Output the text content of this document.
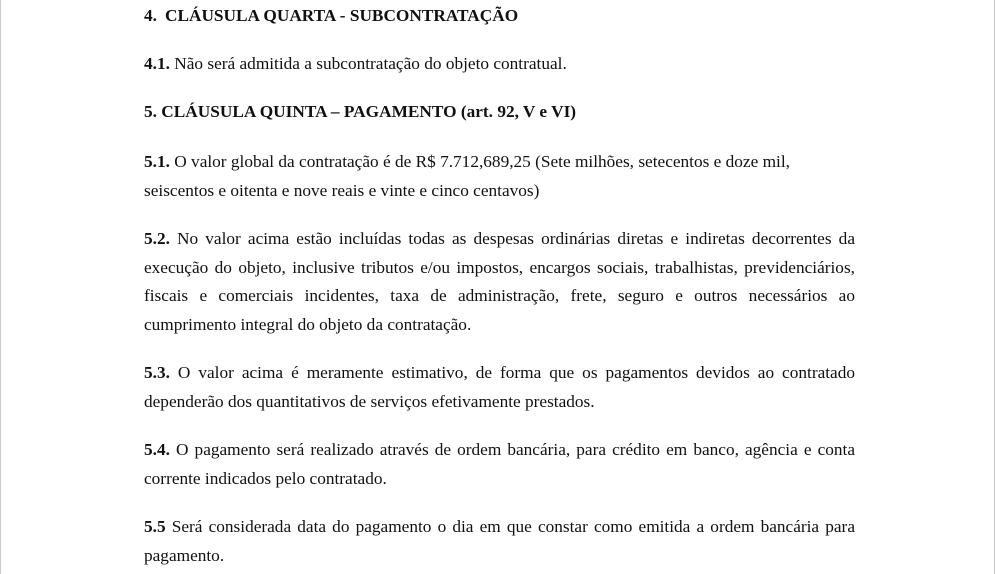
4. CLÁUSULA QUARTA - SUBCONTRATAÇÃO
4.1. Não será admitida a subcontratação do objeto contratual.
5. CLÁUSULA QUINTA – PAGAMENTO (art. 92, V e VI)
5.1. O valor global da contratação é de R$ 7.712,689,25 (Sete milhões, setecentos e doze mil, seiscentos e oitenta e nove reais e vinte e cinco centavos)
5.2. No valor acima estão incluídas todas as despesas ordinárias diretas e indiretas decorrentes da execução do objeto, inclusive tributos e/ou impostos, encargos sociais, trabalhistas, previdenciários, fiscais e comerciais incidentes, taxa de administração, frete, seguro e outros necessários ao cumprimento integral do objeto da contratação.
5.3. O valor acima é meramente estimativo, de forma que os pagamentos devidos ao contratado dependerão dos quantitativos de serviços efetivamente prestados.
5.4. O pagamento será realizado através de ordem bancária, para crédito em banco, agência e conta corrente indicados pelo contratado.
5.5 Será considerada data do pagamento o dia em que constar como emitida a ordem bancária para pagamento.
